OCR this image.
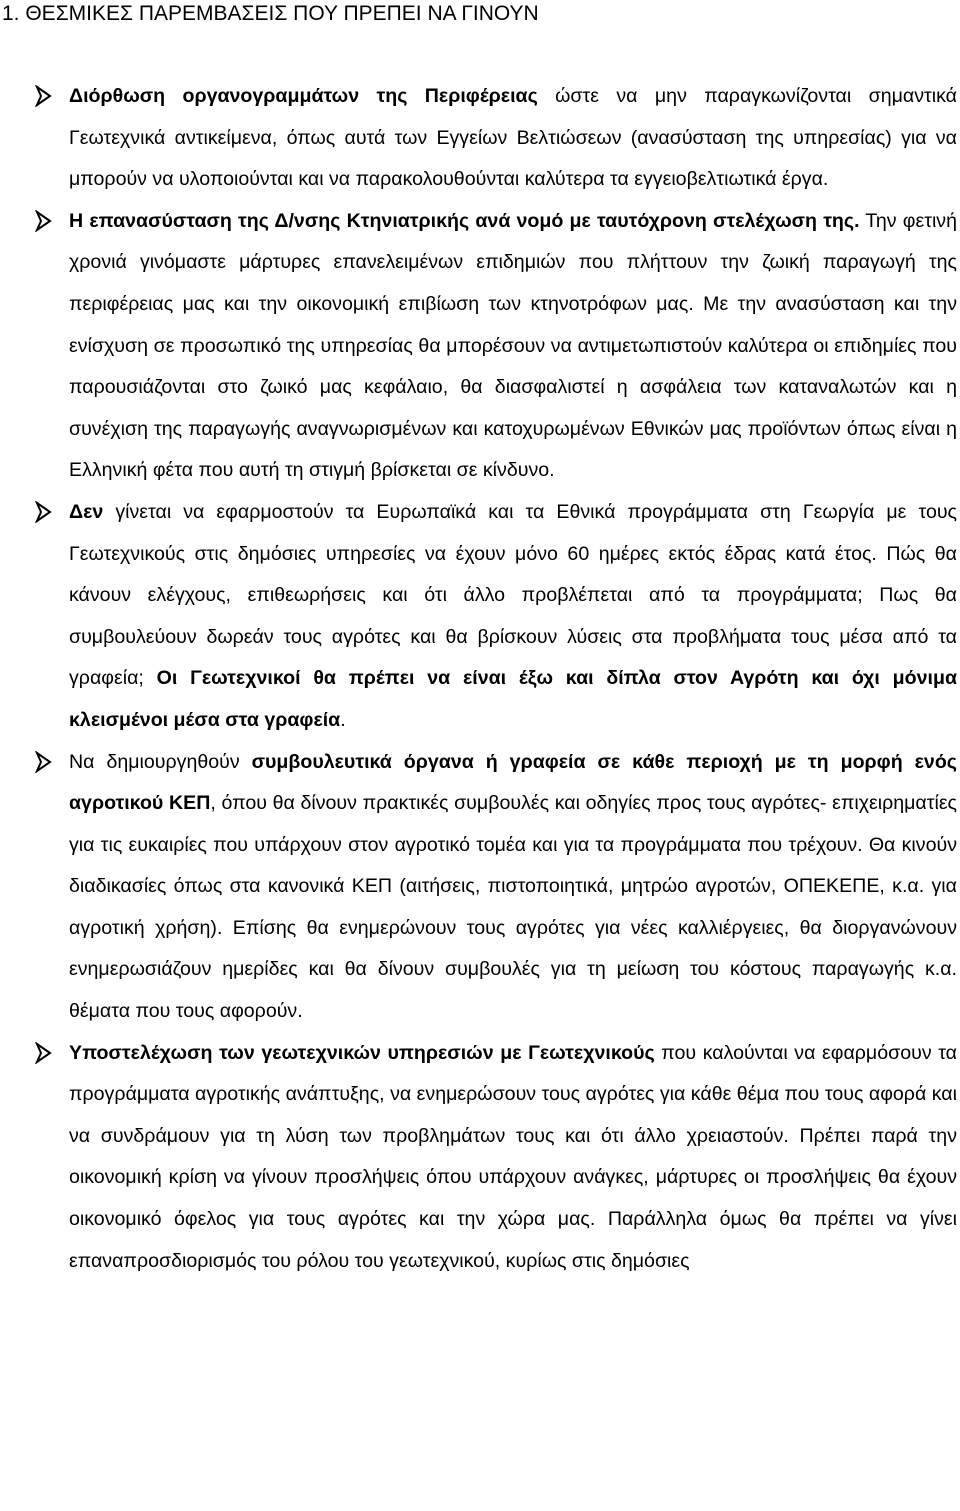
1. ΘΕΣΜΙΚΕΣ ΠΑΡΕΜΒΑΣΕΙΣ ΠΟΥ ΠΡΕΠΕΙ ΝΑ ΓΙΝΟΥΝ
Διόρθωση οργανογραμμάτων της Περιφέρειας ώστε να μην παραγκωνίζονται σημαντικά Γεωτεχνικά αντικείμενα, όπως αυτά των Εγγείων Βελτιώσεων (ανασύσταση της υπηρεσίας) για να μπορούν να υλοποιούνται και να παρακολουθούνται καλύτερα τα εγγειοβελτιωτικά έργα.
Η επανασύσταση της Δ/νσης Κτηνιατρικής ανά νομό με ταυτόχρονη στελέχωση της. Την φετινή χρονιά γινόμαστε μάρτυρες επανελειμένων επιδημιών που πλήττουν την ζωική παραγωγή της περιφέρειας μας και την οικονομική επιβίωση των κτηνοτρόφων μας. Με την ανασύσταση και την ενίσχυση σε προσωπικό της υπηρεσίας θα μπορέσουν να αντιμετωπιστούν καλύτερα οι επιδημίες που παρουσιάζονται στο ζωικό μας κεφάλαιο, θα διασφαλιστεί η ασφάλεια των καταναλωτών και η συνέχιση της παραγωγής αναγνωρισμένων και κατοχυρωμένων Εθνικών μας προϊόντων όπως είναι η Ελληνική φέτα που αυτή τη στιγμή βρίσκεται σε κίνδυνο.
Δεν γίνεται να εφαρμοστούν τα Ευρωπαϊκά και τα Εθνικά προγράμματα στη Γεωργία με τους Γεωτεχνικούς στις δημόσιες υπηρεσίες να έχουν μόνο 60 ημέρες εκτός έδρας κατά έτος. Πώς θα κάνουν ελέγχους, επιθεωρήσεις και ότι άλλο προβλέπεται από τα προγράμματα; Πως θα συμβουλεύουν δωρεάν τους αγρότες και θα βρίσκουν λύσεις στα προβλήματα τους μέσα από τα γραφεία; Οι Γεωτεχνικοί θα πρέπει να είναι έξω και δίπλα στον Αγρότη και όχι μόνιμα κλεισμένοι μέσα στα γραφεία.
Να δημιουργηθούν συμβουλευτικά όργανα ή γραφεία σε κάθε περιοχή με τη μορφή ενός αγροτικού ΚΕΠ, όπου θα δίνουν πρακτικές συμβουλές και οδηγίες προς τους αγρότες- επιχειρηματίες για τις ευκαιρίες που υπάρχουν στον αγροτικό τομέα και για τα προγράμματα που τρέχουν. Θα κινούν διαδικασίες όπως στα κανονικά ΚΕΠ (αιτήσεις, πιστοποιητικά, μητρώο αγροτών, ΟΠΕΚΕΠΕ, κ.α. για αγροτική χρήση). Επίσης θα ενημερώνουν τους αγρότες για νέες καλλιέργειες, θα διοργανώνουν ενημερωσιάζουν ημερίδες και θα δίνουν συμβουλές για τη μείωση του κόστους παραγωγής κ.α. θέματα που τους αφορούν.
Υποστελέχωση των γεωτεχνικών υπηρεσιών με Γεωτεχνικούς που καλούνται να εφαρμόσουν τα προγράμματα αγροτικής ανάπτυξης, να ενημερώσουν τους αγρότες για κάθε θέμα που τους αφορά και να συνδράμουν για τη λύση των προβλημάτων τους και ότι άλλο χρειαστούν. Πρέπει παρά την οικονομική κρίση να γίνουν προσλήψεις όπου υπάρχουν ανάγκες, μάρτυρες οι προσλήψεις θα έχουν οικονομικό όφελος για τους αγρότες και την χώρα μας. Παράλληλα όμως θα πρέπει να γίνει επαναπροσδιορισμός του ρόλου του γεωτεχνικού, κυρίως στις δημόσιες
